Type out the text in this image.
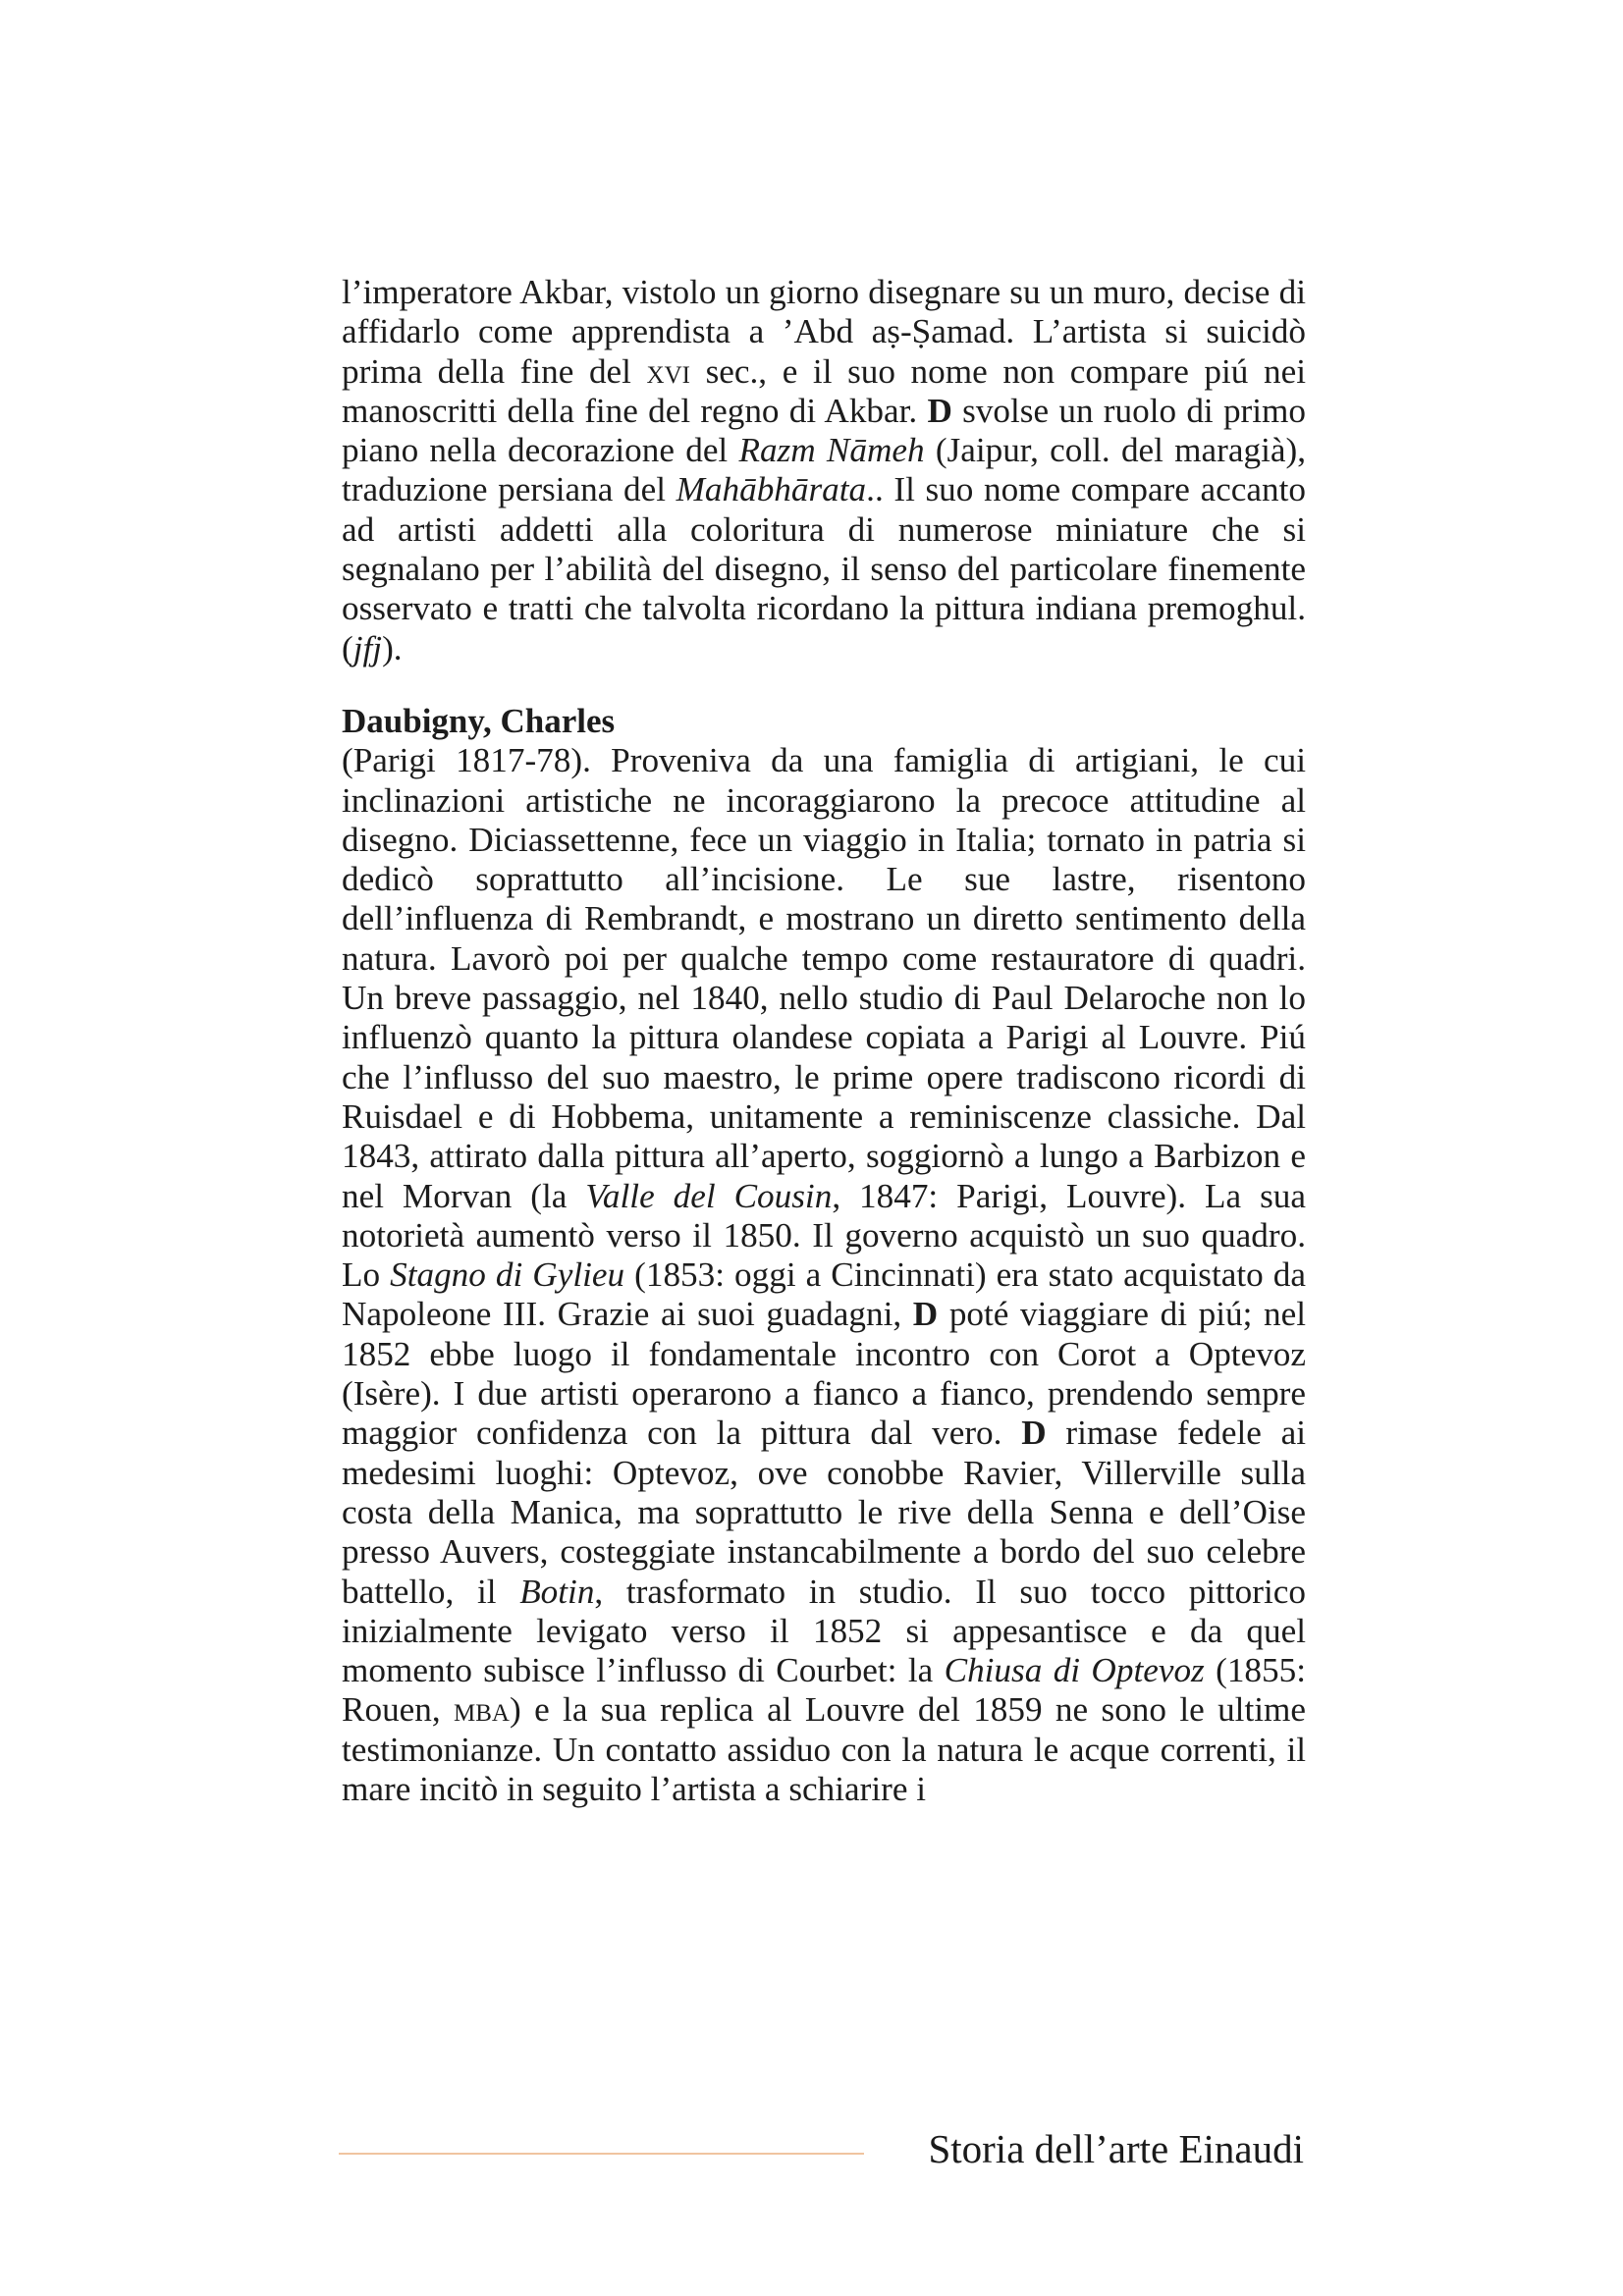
l’imperatore Akbar, vistolo un giorno disegnare su un muro, decise di affidarlo come apprendista a ’Abd aṣ-Ṣamad. L’artista si suicidò prima della fine del xvi sec., e il suo nome non compare piú nei manoscritti della fine del regno di Akbar. D svolse un ruolo di primo piano nella decorazione del Razm Nāmeh (Jaipur, coll. del maragià), traduzione persiana del Mahābhārata.. Il suo nome compare accanto ad artisti addetti alla coloritura di numerose miniature che si segnalano per l’abilità del disegno, il senso del particolare finemente osservato e tratti che talvolta ricordano la pittura indiana premoghul. (jfj).

Daubigny, Charles

(Parigi 1817-78). Proveniva da una famiglia di artigiani, le cui inclinazioni artistiche ne incoraggiarono la precoce attitudine al disegno. Diciassettenne, fece un viaggio in Italia; tornato in patria si dedicò soprattutto all’incisione. Le sue lastre, risentono dell’influenza di Rembrandt, e mostrano un diretto sentimento della natura. Lavorò poi per qualche tempo come restauratore di quadri. Un breve passaggio, nel 1840, nello studio di Paul Delaroche non lo influenzò quanto la pittura olandese copiata a Parigi al Louvre. Piú che l’influsso del suo maestro, le prime opere tradiscono ricordi di Ruisdael e di Hobbema, unitamente a reminiscenze classiche. Dal 1843, attirato dalla pittura all’aperto, soggiornò a lungo a Barbizon e nel Morvan (la Valle del Cousin, 1847: Parigi, Louvre). La sua notorietà aumentò verso il 1850. Il governo acquistò un suo quadro. Lo Stagno di Gylieu (1853: oggi a Cincinnati) era stato acquistato da Napoleone III. Grazie ai suoi guadagni, D poté viaggiare di piú; nel 1852 ebbe luogo il fondamentale incontro con Corot a Optevoz (Isère). I due artisti operarono a fianco a fianco, prendendo sempre maggior confidenza con la pittura dal vero. D rimase fedele ai medesimi luoghi: Optevoz, ove conobbe Ravier, Villerville sulla costa della Manica, ma soprattutto le rive della Senna e dell’Oise presso Auvers, costeggiate instancabilmente a bordo del suo celebre battello, il Botin, trasformato in studio. Il suo tocco pittorico inizialmente levigato verso il 1852 si appesantisce e da quel momento subisce l’influsso di Courbet: la Chiusa di Optevoz (1855: Rouen, mba) e la sua replica al Louvre del 1859 ne sono le ultime testimonianze. Un contatto assiduo con la natura le acque correnti, il mare incitò in seguito l’artista a schiarire i

Storia dell’arte Einaudi
